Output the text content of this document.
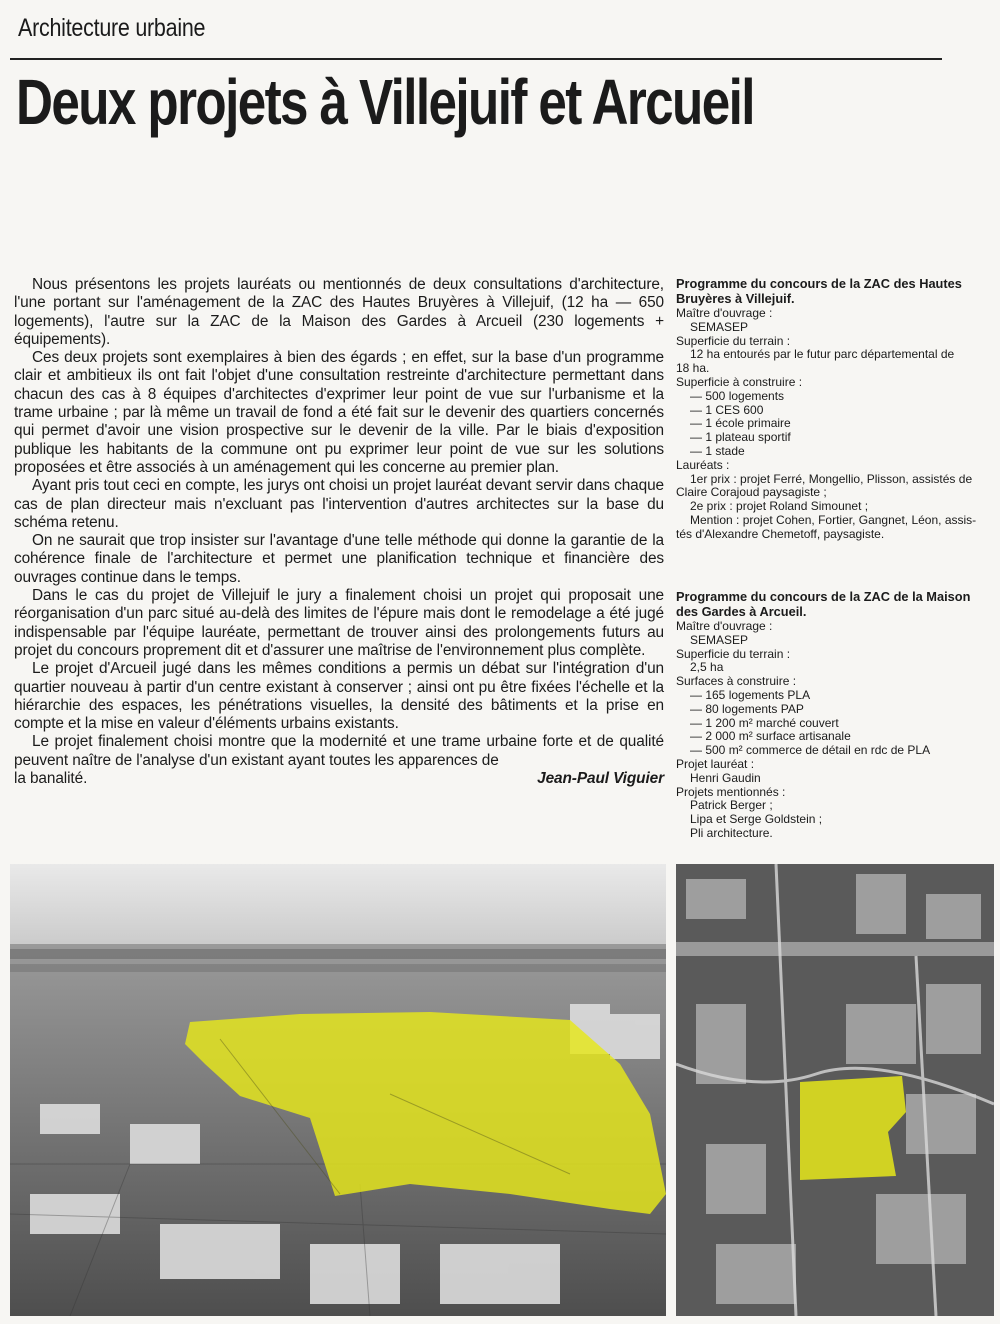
Architecture urbaine
Deux projets à Villejuif et Arcueil

Nous présentons les projets lauréats ou mentionnés de deux consultations d'architecture, l'une portant sur l'aménagement de la ZAC des Hautes Bruyères à Villejuif, (12 ha — 650 logements), l'autre sur la ZAC de la Maison des Gardes à Arcueil (230 logements + équipements).

Ces deux projets sont exemplaires à bien des égards ; en effet, sur la base d'un programme clair et ambitieux ils ont fait l'objet d'une consultation restreinte d'architecture permettant dans chacun des cas à 8 équipes d'architectes d'exprimer leur point de vue sur l'urbanisme et la trame urbaine ; par là même un travail de fond a été fait sur le devenir des quartiers concernés qui permet d'avoir une vision prospective sur le devenir de la ville. Par le biais d'exposition publique les habitants de la commune ont pu exprimer leur point de vue sur les solutions proposées et être associés à un aménagement qui les concerne au premier plan.

Ayant pris tout ceci en compte, les jurys ont choisi un projet lauréat devant servir dans chaque cas de plan directeur mais n'excluant pas l'intervention d'autres architectes sur la base du schéma retenu.

On ne saurait que trop insister sur l'avantage d'une telle méthode qui donne la garantie de la cohérence finale de l'architecture et permet une planification technique et financière des ouvrages continue dans le temps.

Dans le cas du projet de Villejuif le jury a finalement choisi un projet qui proposait une réorganisation d'un parc situé au-delà des limites de l'épure mais dont le remodelage a été jugé indispensable par l'équipe lauréate, permettant de trouver ainsi des prolongements futurs au projet du concours proprement dit et d'assurer une maîtrise de l'environnement plus complète.

Le projet d'Arcueil jugé dans les mêmes conditions a permis un débat sur l'intégration d'un quartier nouveau à partir d'un centre existant à conserver ; ainsi ont pu être fixées l'échelle et la hiérarchie des espaces, les pénétrations visuelles, la densité des bâtiments et la prise en compte et la mise en valeur d'éléments urbains existants.

Le projet finalement choisi montre que la modernité et une trame urbaine forte et de qualité peuvent naître de l'analyse d'un existant ayant toutes les apparences de

la banalité.	Jean-Paul Viguier
Programme du concours de la ZAC des Hautes Bruyères à Villejuif.
Maître d'ouvrage :
SEMASEP
Superficie du terrain :
12 ha entourés par le futur parc départemental de
18 ha.
Superficie à construire :
— 500 logements
— 1 CES 600
— 1 école primaire
— 1 plateau sportif
— 1 stade
Lauréats :
1er prix : projet Ferré, Mongellio, Plisson, assistés de
Claire Corajoud paysagiste ;
2e prix : projet Roland Simounet ;
Mention : projet Cohen, Fortier, Gangnet, Léon, assis-
tés d'Alexandre Chemetoff, paysagiste.
Programme du concours de la ZAC de la Maison des Gardes à Arcueil.
Maître d'ouvrage :
SEMASEP
Superficie du terrain :
2,5 ha
Surfaces à construire :
— 165 logements PLA
— 80 logements PAP
— 1 200 m² marché couvert
— 2 000 m² surface artisanale
— 500 m² commerce de détail en rdc de PLA
Projet lauréat :
Henri Gaudin
Projets mentionnés :
Patrick Berger ;
Lipa et Serge Goldstein ;
Pli architecture.
